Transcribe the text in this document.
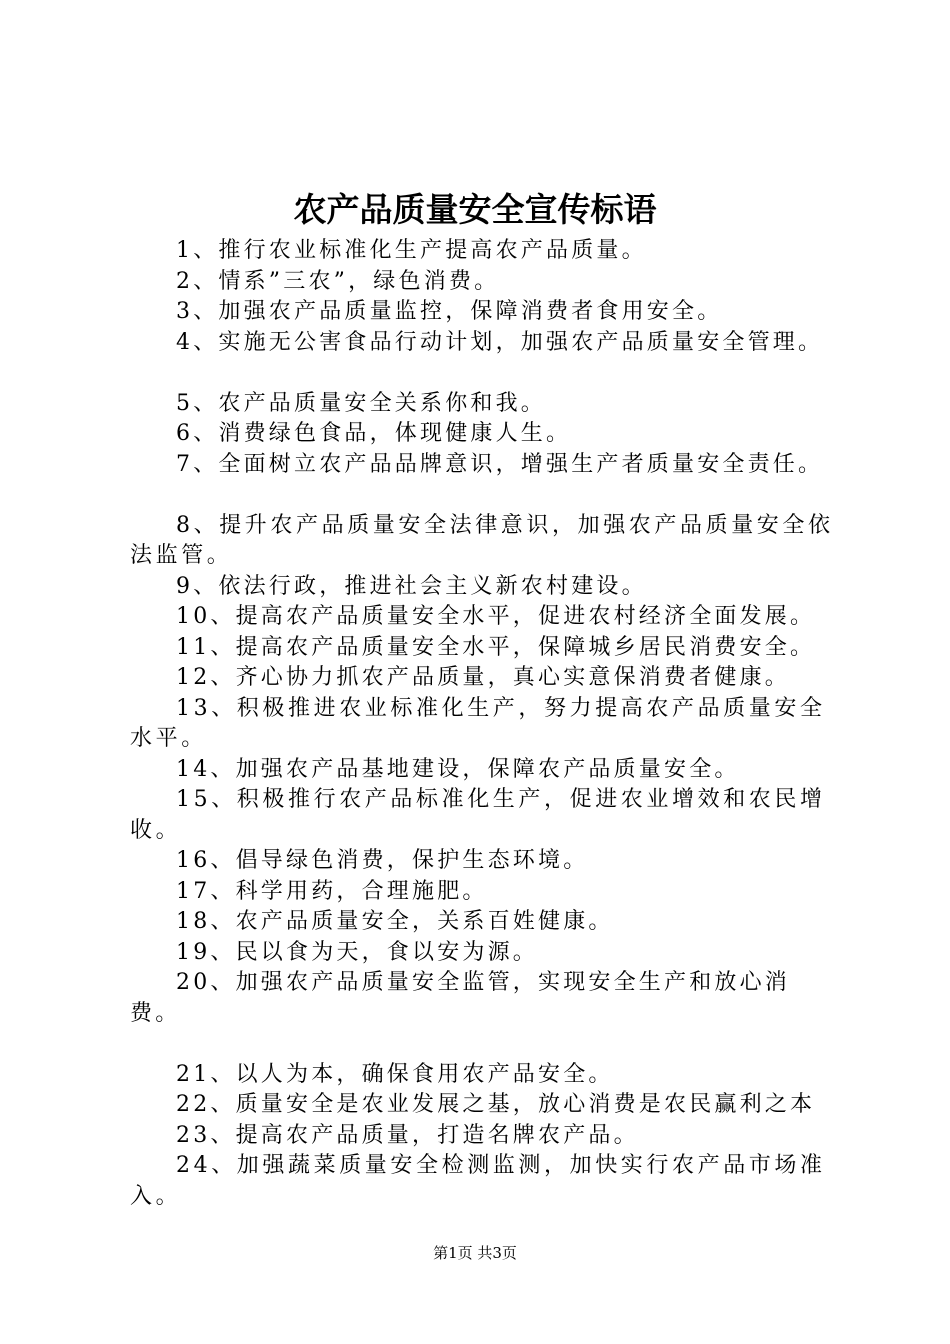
农产品质量安全宣传标语

1、推行农业标准化生产提高农产品质量。

2、情系”三农”，绿色消费。

3、加强农产品质量监控，保障消费者食用安全。

4、实施无公害食品行动计划，加强农产品质量安全管理。

5、农产品质量安全关系你和我。

6、消费绿色食品，体现健康人生。

7、全面树立农产品品牌意识，增强生产者质量安全责任。

8、提升农产品质量安全法律意识，加强农产品质量安全依法监管。

9、依法行政，推进社会主义新农村建设。

10、提高农产品质量安全水平，促进农村经济全面发展。

11、提高农产品质量安全水平，保障城乡居民消费安全。

12、齐心协力抓农产品质量，真心实意保消费者健康。

13、积极推进农业标准化生产，努力提高农产品质量安全水平。

14、加强农产品基地建设，保障农产品质量安全。

15、积极推行农产品标准化生产，促进农业增效和农民增收。

16、倡导绿色消费，保护生态环境。

17、科学用药，合理施肥。

18、农产品质量安全，关系百姓健康。

19、民以食为天，食以安为源。

20、加强农产品质量安全监管，实现安全生产和放心消费。

21、以人为本，确保食用农产品安全。

22、质量安全是农业发展之基，放心消费是农民赢利之本

23、提高农产品质量，打造名牌农产品。

24、加强蔬菜质量安全检测监测，加快实行农产品市场准入。

第1页 共3页
